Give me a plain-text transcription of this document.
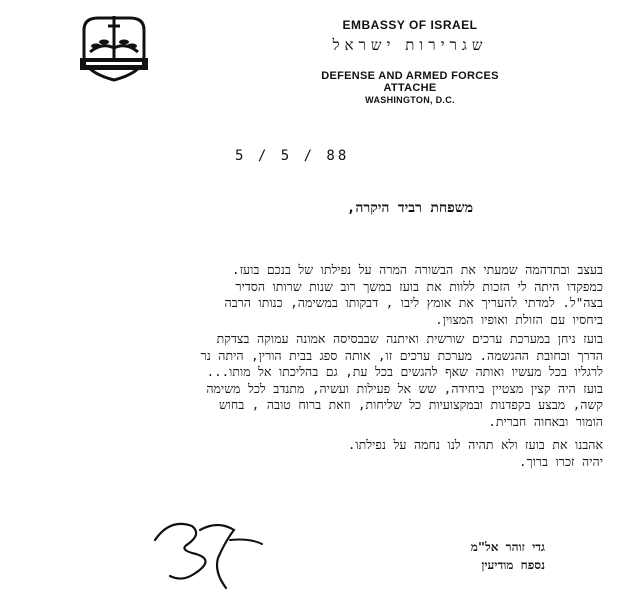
EMBASSY OF ISRAEL
שגרירות ישראל
DEFENSE AND ARMED FORCES ATTACHE
WASHINGTON, D.C.
5 / 5 / 88
משפחת רביד היקרה,
בעצב ובתדהמה שמעתי את הבשורה המרה על נפילתו של בנכם בועז.
כמפקדו היתה לי הזכות ללוות את בועז במשך רוב שנות שרותו הסדיר
בצה"ל. למדתי להעריך את אומץ ליבו , דבקותו במשימה, כנותו הרבה
ביחסיו עם הזולת ואופיו המצוין.
בועז ניחן במערכת ערכים שורשית ואיתנה שבבסיסה אמונה עמוקה בצדקת
הדרך ובחובת ההגשמה. מערכת ערכים זו, אותה ספג בבית הורין, היתה נר
לרגליו בכל מעשיו ואותה שאף להגשים בכל עת, גם בהליכתו אל מותו...
בועז היה קצין מצטיין ביחידה, שש אל פעילות ועשיה, מתנדב לכל משימה
קשה, מבצע בקפדנות ובמקצועיות כל שליחות, וזאת ברוח טובה , בחוש
הומור ובאחוה חברית.
אהבנו את בועז ולא תהיה לנו נחמה על נפילתו.
יהיה זכרו ברוך.
גדי זוהר אל"מ
נספח מודיעין
